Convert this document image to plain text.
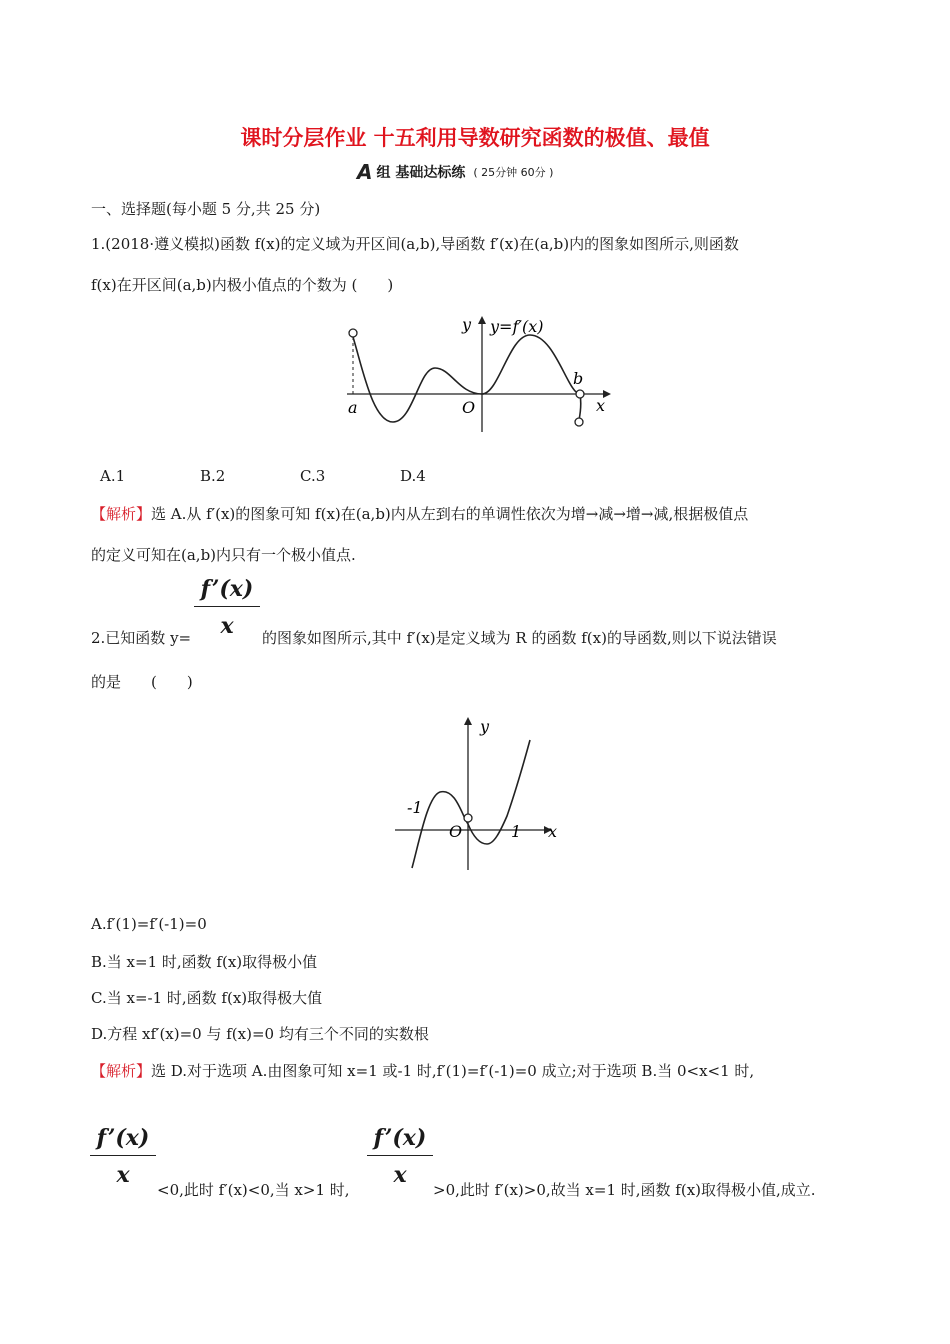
课时分层作业 十五利用导数研究函数的极值、最值
A 组 基础达标练 ( 25分钟 60分 )
一、选择题(每小题 5 分,共 25 分)
1.(2018·遵义模拟)函数 f(x)的定义域为开区间(a,b),导函数 f′(x)在(a,b)内的图象如图所示,则函数
f(x)在开区间(a,b)内极小值点的个数为 (　　)
y y=f′(x)
x
O
a
b
A.1	B.2	C.3	D.4
【解析】选 A.从 f′(x)的图象可知 f(x)在(a,b)内从左到右的单调性依次为增→减→增→减,根据极值点
的定义可知在(a,b)内只有一个极小值点.
f’(x)
x
2.已知函数 y=	的图象如图所示,其中 f′(x)是定义域为 R 的函数 f(x)的导函数,则以下说法错误
的是　　(　　)
y
x
O
-1
1
A.f′(1)=f′(-1)=0
B.当 x=1 时,函数 f(x)取得极小值
C.当 x=-1 时,函数 f(x)取得极大值
D.方程 xf′(x)=0 与 f(x)=0 均有三个不同的实数根
【解析】选 D.对于选项 A.由图象可知 x=1 或-1 时,f′(1)=f′(-1)=0 成立;对于选项 B.当 0<x<1 时,
f’(x)
x
<0,此时 f′(x)<0,当 x>1 时,
f’(x)
x
>0,此时 f′(x)>0,故当 x=1 时,函数 f(x)取得极小值,成立.
